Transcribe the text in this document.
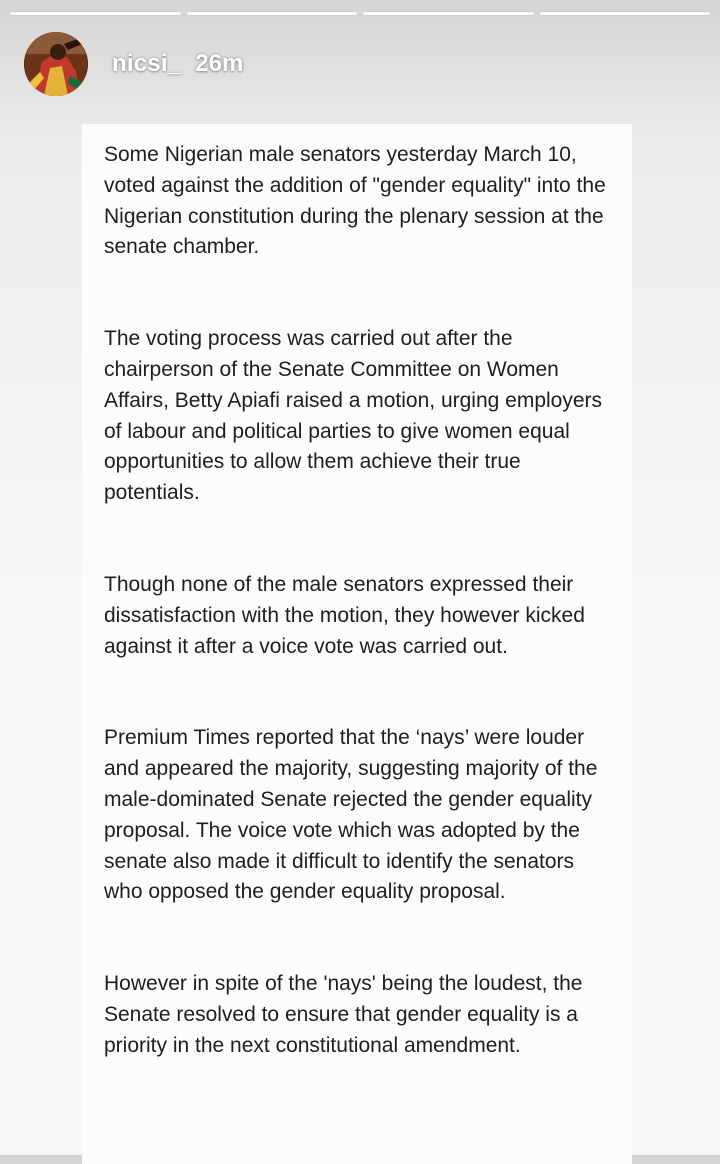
nicsi_ 26m

Some Nigerian male senators yesterday March 10, voted against the addition of "gender equality" into the Nigerian constitution during the plenary session at the senate chamber.

The voting process was carried out after the chairperson of the Senate Committee on Women Affairs, Betty Apiafi raised a motion, urging employers of labour and political parties to give women equal opportunities to allow them achieve their true potentials.

Though none of the male senators expressed their dissatisfaction with the motion, they however kicked against it after a voice vote was carried out.

Premium Times reported that the ‘nays’ were louder and appeared the majority, suggesting majority of the male-dominated Senate rejected the gender equality proposal. The voice vote which was adopted by the senate also made it difficult to identify the senators who opposed the gender equality proposal.

However in spite of the 'nays' being the loudest, the Senate resolved to ensure that gender equality is a priority in the next constitutional amendment.
